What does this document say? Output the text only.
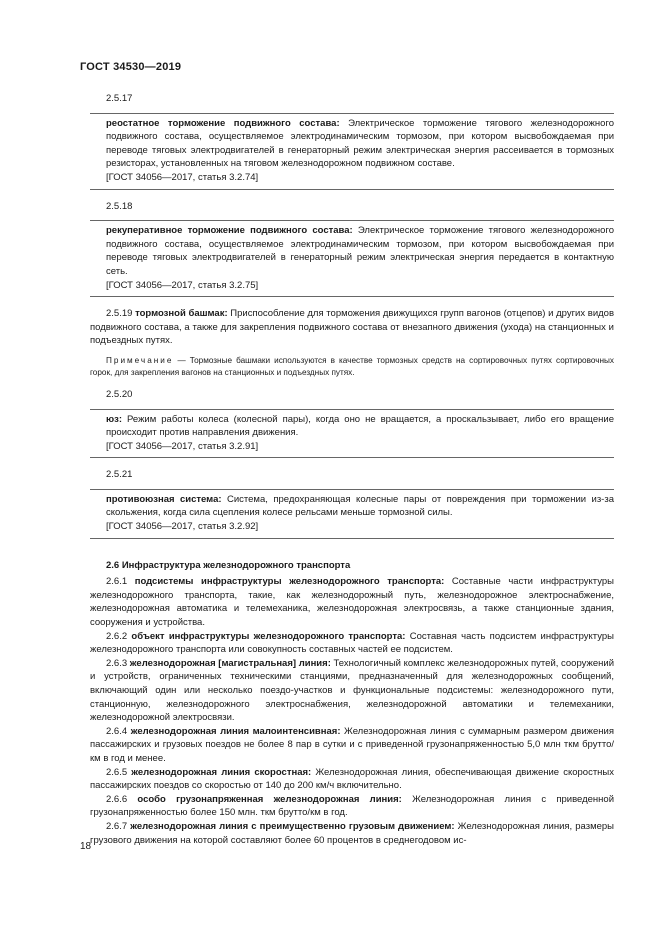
ГОСТ 34530—2019

2.5.17

реостатное торможение подвижного состава: Электрическое торможение тягового железнодорожного подвижного состава, осуществляемое электродинамическим тормозом, при котором высвобождаемая при переводе тяговых электродвигателей в генераторный режим электрическая энергия рассеивается в тормозных резисторах, установленных на тяговом железнодорожном подвижном составе.

[ГОСТ 34056—2017, статья 3.2.74]

2.5.18

рекуперативное торможение подвижного состава: Электрическое торможение тягового железнодорожного подвижного состава, осуществляемое электродинамическим тормозом, при котором высвобождаемая при переводе тяговых электродвигателей в генераторный режим электрическая энергия передается в контактную сеть.

[ГОСТ 34056—2017, статья 3.2.75]

2.5.19 тормозной башмак: Приспособление для торможения движущихся групп вагонов (отцепов) и других видов подвижного состава, а также для закрепления подвижного состава от внезапного движения (ухода) на станционных и подъездных путях.

Примечание — Тормозные башмаки используются в качестве тормозных средств на сортировочных путях сортировочных горок, для закрепления вагонов на станционных и подъездных путях.

2.5.20

юз: Режим работы колеса (колесной пары), когда оно не вращается, а проскальзывает, либо его вращение происходит против направления движения.

[ГОСТ 34056—2017, статья 3.2.91]

2.5.21

противоюзная система: Система, предохраняющая колесные пары от повреждения при торможении из-за скольжения, когда сила сцепления колесе рельсами меньше тормозной силы.

[ГОСТ 34056—2017, статья 3.2.92]

2.6 Инфраструктура железнодорожного транспорта

2.6.1 подсистемы инфраструктуры железнодорожного транспорта: Составные части инфраструктуры железнодорожного транспорта, такие, как железнодорожный путь, железнодорожное электроснабжение, железнодорожная автоматика и телемеханика, железнодорожная электросвязь, а также станционные здания, сооружения и устройства.

2.6.2 объект инфраструктуры железнодорожного транспорта: Составная часть подсистем инфраструктуры железнодорожного транспорта или совокупность составных частей ее подсистем.

2.6.3 железнодорожная [магистральная] линия: Технологичный комплекс железнодорожных путей, сооружений и устройств, ограниченных техническими станциями, предназначенный для железнодорожных сообщений, включающий один или несколько поездо-участков и функциональные подсистемы: железнодорожного пути, станционную, железнодорожного электроснабжения, железнодорожной автоматики и телемеханики, железнодорожной электросвязи.

2.6.4 железнодорожная линия малоинтенсивная: Железнодорожная линия с суммарным размером движения пассажирских и грузовых поездов не более 8 пар в сутки и с приведенной грузонапряженностью 5,0 млн ткм брутто/км в год и менее.

2.6.5 железнодорожная линия скоростная: Железнодорожная линия, обеспечивающая движение скоростных пассажирских поездов со скоростью от 140 до 200 км/ч включительно.

2.6.6 особо грузонапряженная железнодорожная линия: Железнодорожная линия с приведенной грузонапряженностью более 150 млн. ткм брутто/км в год.

2.6.7 железнодорожная линия с преимущественно грузовым движением: Железнодорожная линия, размеры грузового движения на которой составляют более 60 процентов в среднегодовом ис-

18
